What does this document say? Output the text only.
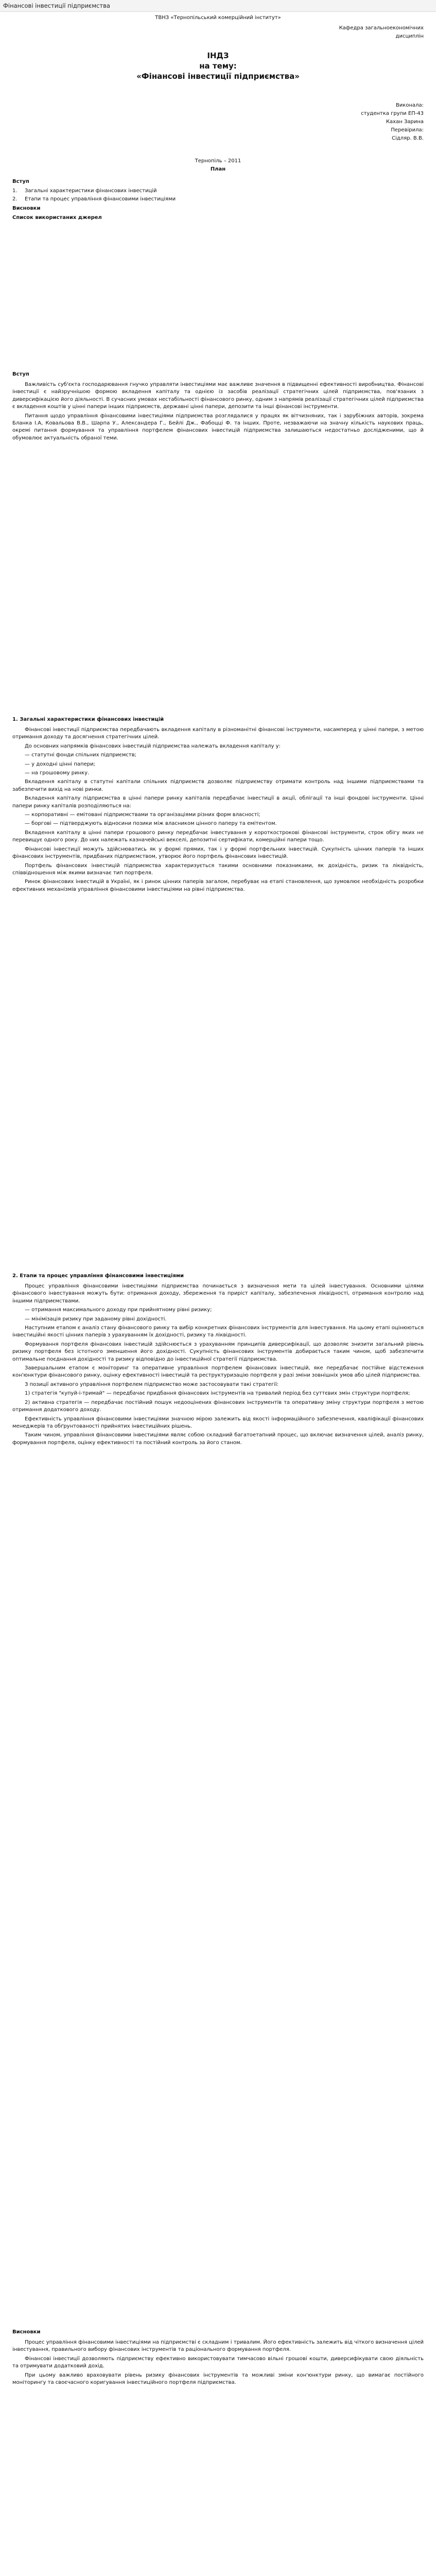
Фінансові інвестиції підприємства
ТВНЗ «Тернопільський комерційний інститут»
Кафедра загальноекономічних
дисциплін
ІНДЗ
на тему:
«Фінансові інвестиції підприємства»
Виконала:
студентка групи ЕП-43
Кахан Зарина
Перевірила:
Сідляр. В.В.
Тернопіль – 2011
План
Вступ
1. Загальні характеристики фінансових інвестицій
2. Етапи та процес управління фінансовими інвестиціями
Висновки
Список використаних джерел
Вступ

Важливість суб'єкта господарювання гнучко управляти інвестиціями має важливе значення в підвищенні ефективності виробництва. Фінансові інвестиції є найзручнішою формою вкладення капіталу та однією із засобів реалізації стратегічних цілей підприємства, пов'язаних з диверсифікацією його діяльності. В сучасних умовах нестабільності фінансового ринку, одним з напрямів реалізації стратегічних цілей підприємства є вкладення коштів у цінні папери інших підприємств, державні цінні папери, депозити та інші фінансові інструменти.

Питання щодо управління фінансовими інвестиціями підприємства розглядалися у працях як вітчизняних, так і зарубіжних авторів, зокрема Бланка І.А, Ковальова В.В., Шарпа У., Александера Г., Бейлі Дж., Фабоцці Ф. та інших. Проте, незважаючи на значну кількість наукових праць, окремі питання формування та управління портфелем фінансових інвестицій підприємства залишаються недостатньо дослідженими, що й обумовлює актуальність обраної теми.

1. Загальні характеристики фінансових інвестицій

Фінансові інвестиції підприємства передбачають вкладення капіталу в різноманітні фінансові інструменти, насамперед у цінні папери, з метою отримання доходу та досягнення стратегічних цілей.

До основних напрямків фінансових інвестицій підприємства належать вкладення капіталу у:

— статутні фонди спільних підприємств;

— у доходні цінні папери;

— на грошовому ринку.

Вкладення капіталу в статутні капітали спільних підприємств дозволяє підприємству отримати контроль над іншими підприємствами та забезпечити вихід на нові ринки.

Вкладення капіталу підприємства в цінні папери ринку капіталів передбачає інвестиції в акції, облігації та інші фондові інструменти. Цінні папери ринку капіталів розподіляються на:

— корпоративні — емітовані підприємствами та організаціями різних форм власності;

— боргові — підтверджують відносини позики між власником цінного паперу та емітентом.

Вкладення капіталу в цінні папери грошового ринку передбачає інвестування у короткострокові фінансові інструменти, строк обігу яких не перевищує одного року. До них належать казначейські векселі, депозитні сертифікати, комерційні папери тощо.

Фінансові інвестиції можуть здійснюватись як у формі прямих, так і у формі портфельних інвестицій. Сукупність цінних паперів та інших фінансових інструментів, придбаних підприємством, утворює його портфель фінансових інвестицій.

Портфель фінансових інвестицій підприємства характеризується такими основними показниками, як дохідність, ризик та ліквідність, співвідношення між якими визначає тип портфеля.

Ринок фінансових інвестицій в Україні, як і ринок цінних паперів загалом, перебуває на етапі становлення, що зумовлює необхідність розробки ефективних механізмів управління фінансовими інвестиціями на рівні підприємства.

2. Етапи та процес управління фінансовими інвестиціями

Процес управління фінансовими інвестиціями підприємства починається з визначення мети та цілей інвестування. Основними цілями фінансового інвестування можуть бути: отримання доходу, збереження та приріст капіталу, забезпечення ліквідності, отримання контролю над іншими підприємствами.

— отримання максимального доходу при прийнятному рівні ризику;

— мінімізація ризику при заданому рівні дохідності.

Наступним етапом є аналіз стану фінансового ринку та вибір конкретних фінансових інструментів для інвестування. На цьому етапі оцінюються інвестиційні якості цінних паперів з урахуванням їх дохідності, ризику та ліквідності.

Формування портфеля фінансових інвестицій здійснюється з урахуванням принципів диверсифікації, що дозволяє знизити загальний рівень ризику портфеля без істотного зменшення його дохідності. Сукупність фінансових інструментів добирається таким чином, щоб забезпечити оптимальне поєднання дохідності та ризику відповідно до інвестиційної стратегії підприємства.

Завершальним етапом є моніторинг та оперативне управління портфелем фінансових інвестицій, яке передбачає постійне відстеження кон'юнктури фінансового ринку, оцінку ефективності інвестицій та реструктуризацію портфеля у разі зміни зовнішніх умов або цілей підприємства.

З позиції активного управління портфелем підприємство може застосовувати такі стратегії:

1) стратегія "купуй-і-тримай" — передбачає придбання фінансових інструментів на тривалий період без суттєвих змін структури портфеля;

2) активна стратегія — передбачає постійний пошук недооцінених фінансових інструментів та оперативну зміну структури портфеля з метою отримання додаткового доходу.

Ефективність управління фінансовими інвестиціями значною мірою залежить від якості інформаційного забезпечення, кваліфікації фінансових менеджерів та обґрунтованості прийнятих інвестиційних рішень.

Таким чином, управління фінансовими інвестиціями являє собою складний багатоетапний процес, що включає визначення цілей, аналіз ринку, формування портфеля, оцінку ефективності та постійний контроль за його станом.

Висновки

Процес управління фінансовими інвестиціями на підприємстві є складним і тривалим. Його ефективність залежить від чіткого визначення цілей інвестування, правильного вибору фінансових інструментів та раціонального формування портфеля.

Фінансові інвестиції дозволяють підприємству ефективно використовувати тимчасово вільні грошові кошти, диверсифікувати свою діяльність та отримувати додатковий дохід.

При цьому важливо враховувати рівень ризику фінансових інструментів та можливі зміни кон'юнктури ринку, що вимагає постійного моніторингу та своєчасного коригування інвестиційного портфеля підприємства.
